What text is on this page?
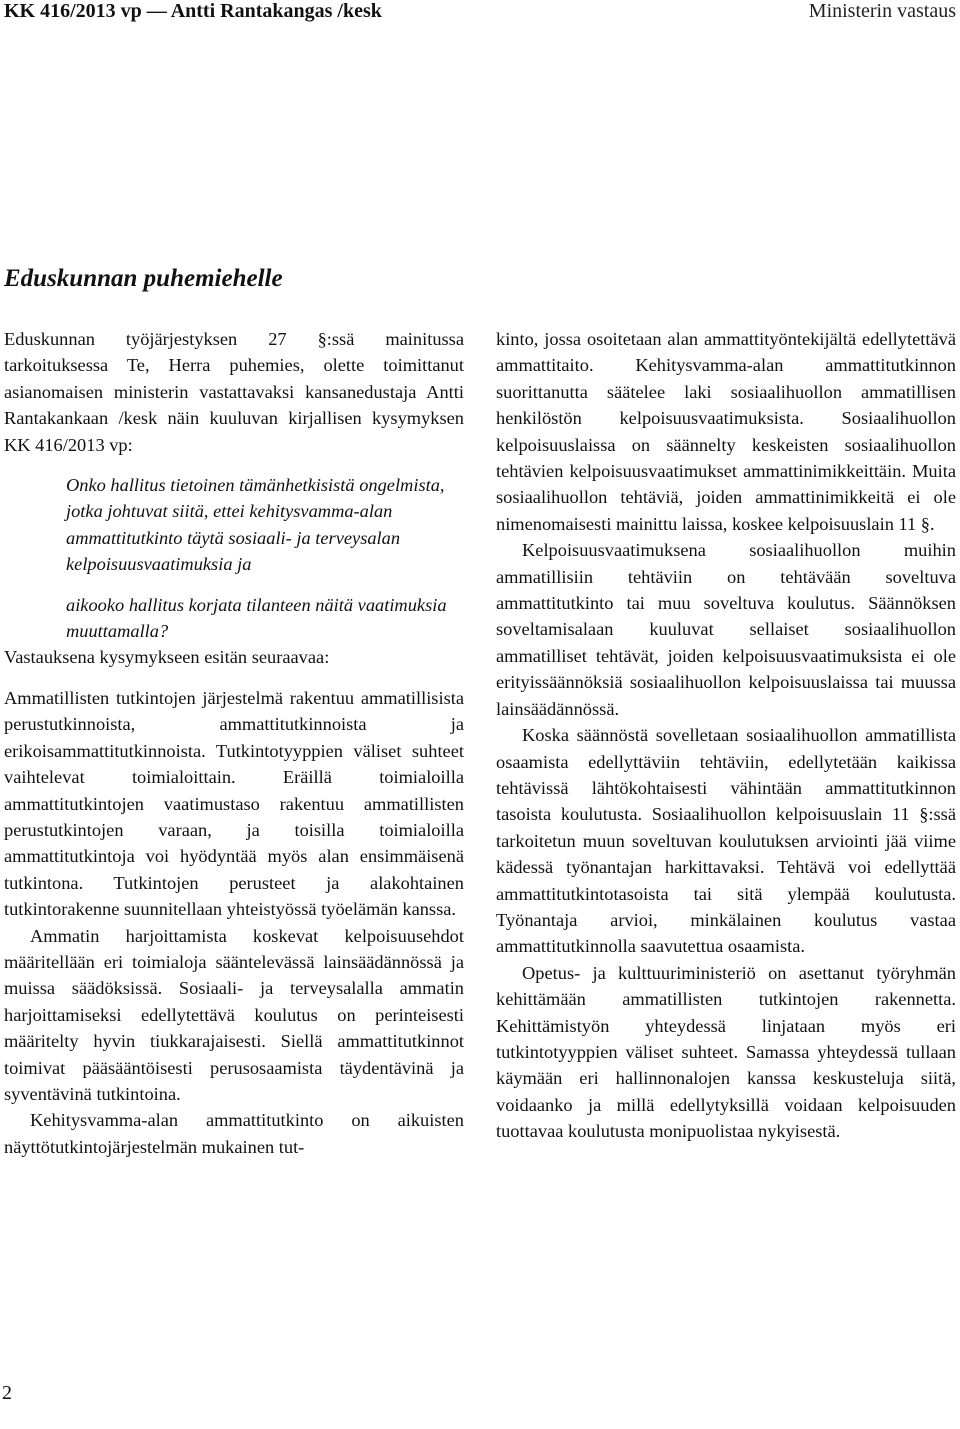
KK 416/2013 vp — Antti Rantakangas /kesk	Ministerin vastaus
Eduskunnan puhemiehelle

Eduskunnan työjärjestyksen 27 §:ssä mainitussa tarkoituksessa Te, Herra puhemies, olette toimittanut asianomaisen ministerin vastattavaksi kansanedustaja Antti Rantakankaan /kesk näin kuuluvan kirjallisen kysymyksen KK 416/2013 vp:

Onko hallitus tietoinen tämänhetkisistä ongelmista, jotka johtuvat siitä, ettei kehitysvamma-alan ammattitutkinto täytä sosiaali- ja terveysalan kelpoisuusvaatimuksia ja

aikooko hallitus korjata tilanteen näitä vaatimuksia muuttamalla?

Vastauksena kysymykseen esitän seuraavaa:

Ammatillisten tutkintojen järjestelmä rakentuu ammatillisista perustutkinnoista, ammattitutkinnoista ja erikoisammattitutkinnoista. Tutkintotyyppien väliset suhteet vaihtelevat toimialoittain. Eräillä toimialoilla ammattitutkintojen vaatimustaso rakentuu ammatillisten perustutkintojen varaan, ja toisilla toimialoilla ammattitutkintoja voi hyödyntää myös alan ensimmäisenä tutkintona. Tutkintojen perusteet ja alakohtainen tutkintorakenne suunnitellaan yhteistyössä työelämän kanssa.

Ammatin harjoittamista koskevat kelpoisuusehdot määritellään eri toimialoja sääntelevässä lainsäädännössä ja muissa säädöksissä. Sosiaali- ja terveysalalla ammatin harjoittamiseksi edellytettävä koulutus on perinteisesti määritelty hyvin tiukkarajaisesti. Siellä ammattitutkinnot toimivat pääsääntöisesti perusosaamista täydentävinä ja syventävinä tutkintoina.

Kehitysvamma-alan ammattitutkinto on aikuisten näyttötutkintojärjestelmän mukainen tut-

kinto, jossa osoitetaan alan ammattityöntekijältä edellytettävä ammattitaito. Kehitysvamma-alan ammattitutkinnon suorittanutta säätelee laki sosiaalihuollon ammatillisen henkilöstön kelpoisuusvaatimuksista. Sosiaalihuollon kelpoisuuslaissa on säännelty keskeisten sosiaalihuollon tehtävien kelpoisuusvaatimukset ammattinimikkeittäin. Muita sosiaalihuollon tehtäviä, joiden ammattinimikkeitä ei ole nimenomaisesti mainittu laissa, koskee kelpoisuuslain 11 §.

Kelpoisuusvaatimuksena sosiaalihuollon muihin ammatillisiin tehtäviin on tehtävään soveltuva ammattitutkinto tai muu soveltuva koulutus. Säännöksen soveltamisalaan kuuluvat sellaiset sosiaalihuollon ammatilliset tehtävät, joiden kelpoisuusvaatimuksista ei ole erityissäännöksiä sosiaalihuollon kelpoisuuslaissa tai muussa lainsäädännössä.

Koska säännöstä sovelletaan sosiaalihuollon ammatillista osaamista edellyttäviin tehtäviin, edellytetään kaikissa tehtävissä lähtökohtaisesti vähintään ammattitutkinnon tasoista koulutusta. Sosiaalihuollon kelpoisuuslain 11 §:ssä tarkoitetun muun soveltuvan koulutuksen arviointi jää viime kädessä työnantajan harkittavaksi. Tehtävä voi edellyttää ammattitutkintotasoista tai sitä ylempää koulutusta. Työnantaja arvioi, minkälainen koulutus vastaa ammattitutkinnolla saavutettua osaamista.

Opetus- ja kulttuuriministeriö on asettanut työryhmän kehittämään ammatillisten tutkintojen rakennetta. Kehittämistyön yhteydessä linjataan myös eri tutkintotyyppien väliset suhteet. Samassa yhteydessä tullaan käymään eri hallinnonalojen kanssa keskusteluja siitä, voidaanko ja millä edellytyksillä voidaan kelpoisuuden tuottavaa koulutusta monipuolistaa nykyisestä.

2
